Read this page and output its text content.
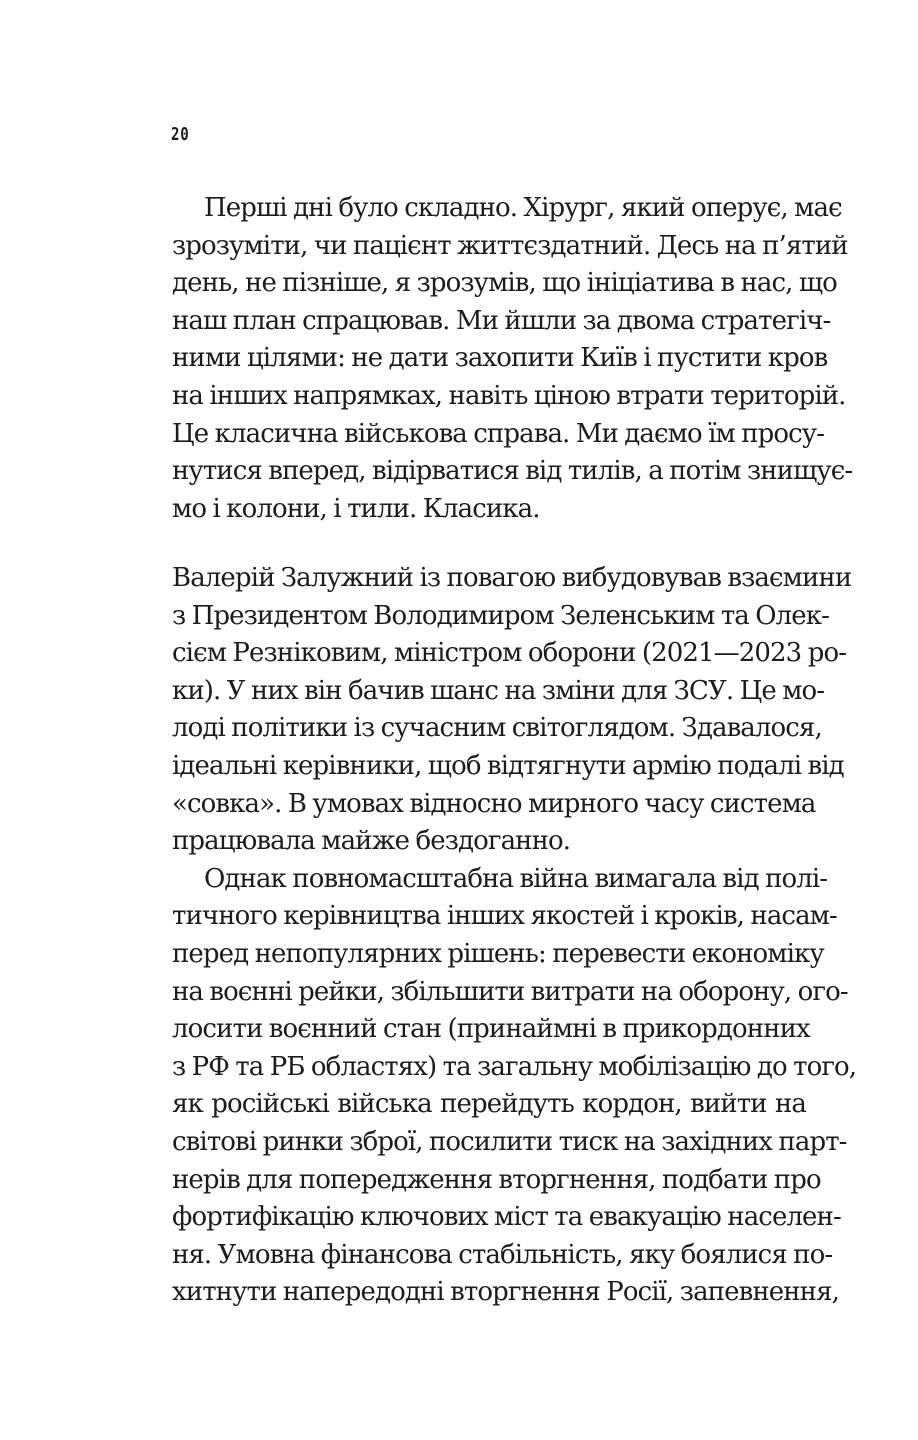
20
Перші дні було складно. Хірург, який оперує, має
зрозуміти, чи пацієнт життєздатний. Десь на п’ятий
день, не пізніше, я зрозумів, що ініціатива в нас, що
наш план спрацював. Ми йшли за двома стратегіч-
ними цілями: не дати захопити Київ і пустити кров
на інших напрямках, навіть ціною втрати територій.
Це класична військова справа. Ми даємо їм просу-
нутися вперед, відірватися від тилів, а потім знищує-
мо і колони, і тили. Класика.
Валерій Залужний із повагою вибудовував взаємини
з Президентом Володимиром Зеленським та Олек-
сієм Резніковим, міністром оборони (2021—2023 ро-
ки). У них він бачив шанс на зміни для ЗСУ. Це мо-
лоді політики із сучасним світоглядом. Здавалося,
ідеальні керівники, щоб відтягнути армію подалі від
«совка». В умовах відносно мирного часу система
працювала майже бездоганно.
Однак повномасштабна війна вимагала від полі-
тичного керівництва інших якостей і кроків, насам-
перед непопулярних рішень: перевести економіку
на воєнні рейки, збільшити витрати на оборону, ого-
лосити воєнний стан (принаймні в прикордонних
з РФ та РБ областях) та загальну мобілізацію до того,
як російські війська перейдуть кордон, вийти на
світові ринки зброї, посилити тиск на західних парт-
нерів для попередження вторгнення, подбати про
фортифікацію ключових міст та евакуацію населен-
ня. Умовна фінансова стабільність, яку боялися по-
хитнути напередодні вторгнення Росії, запевнення,
